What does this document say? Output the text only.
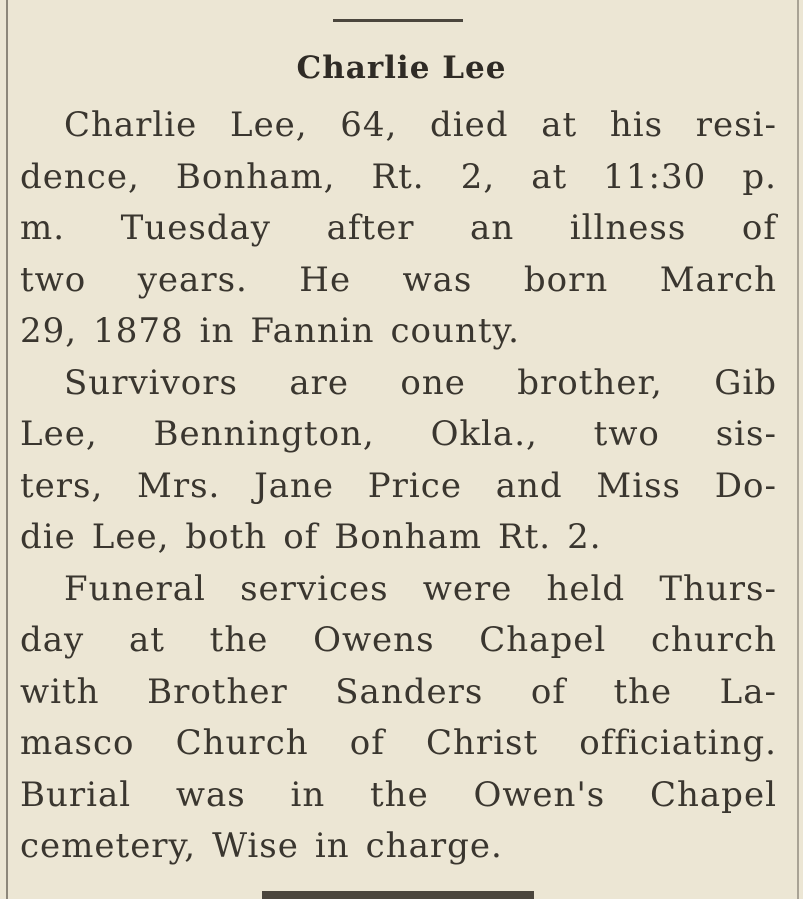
Charlie Lee
Charlie Lee, 64, died at his resi-
dence, Bonham, Rt. 2, at 11:30 p.
m. Tuesday after an illness of
two years. He was born March
29, 1878 in Fannin county.
Survivors are one brother, Gib
Lee, Bennington, Okla., two sis-
ters, Mrs. Jane Price and Miss Do-
die Lee, both of Bonham Rt. 2.
Funeral services were held Thurs-
day at the Owens Chapel church
with Brother Sanders of the La-
masco Church of Christ officiating.
Burial was in the Owen's Chapel
cemetery, Wise in charge.
